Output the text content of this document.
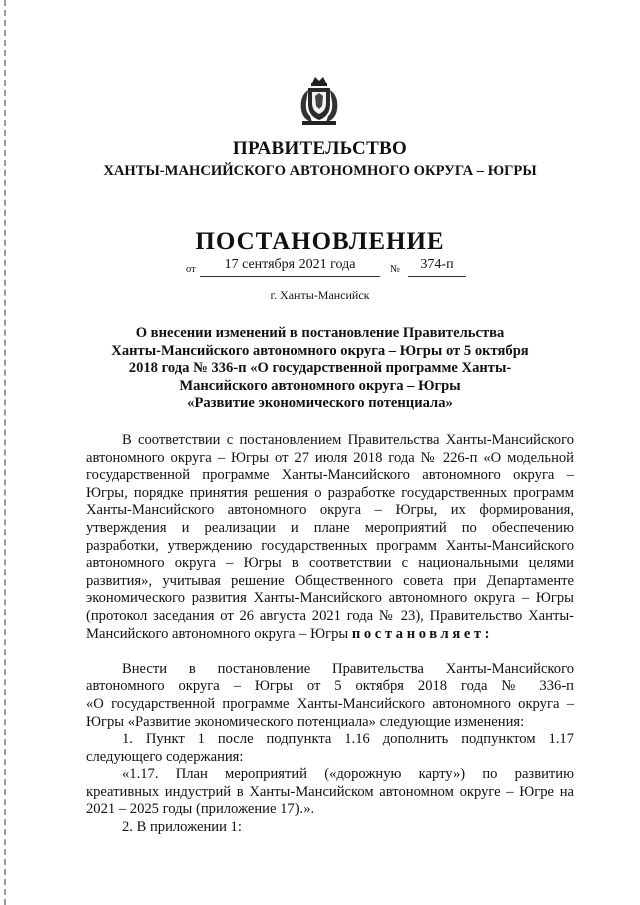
ПРАВИТЕЛЬСТВО
ХАНТЫ-МАНСИЙСКОГО АВТОНОМНОГО ОКРУГА – ЮГРЫ
ПОСТАНОВЛЕНИЕ
от	17 сентября 2021 года	№	374-п
г. Ханты-Мансийск
О внесении изменений в постановление Правительства
Ханты-Мансийского автономного округа – Югры от 5 октября
2018 года № 336-п «О государственной программе Ханты-
Мансийского автономного округа – Югры
«Развитие экономического потенциала»
В соответствии с постановлением Правительства Ханты-Мансийского
автономного округа – Югры от 27 июля 2018 года № 226-п «О модельной
государственной программе Ханты-Мансийского автономного округа –
Югры, порядке принятия решения о разработке государственных программ
Ханты-Мансийского автономного округа – Югры, их формирования,
утверждения и реализации и плане мероприятий по обеспечению
разработки, утверждению государственных программ Ханты-Мансийского
автономного округа – Югры в соответствии с национальными целями
развития», учитывая решение Общественного совета при Департаменте
экономического развития Ханты-Мансийского автономного округа – Югры
(протокол заседания от 26 августа 2021 года № 23), Правительство Ханты-
Мансийского автономного округа – Югры постановляет:
Внести в постановление Правительства Ханты-Мансийского
автономного округа – Югры от 5 октября 2018 года № 336-п
«О государственной программе Ханты-Мансийского автономного округа –
Югры «Развитие экономического потенциала» следующие изменения:
1. Пункт 1 после подпункта 1.16 дополнить подпунктом 1.17
следующего содержания:
«1.17. План мероприятий («дорожную карту») по развитию
креативных индустрий в Ханты-Мансийском автономном округе – Югре на
2021 – 2025 годы (приложение 17).».
2. В приложении 1:
